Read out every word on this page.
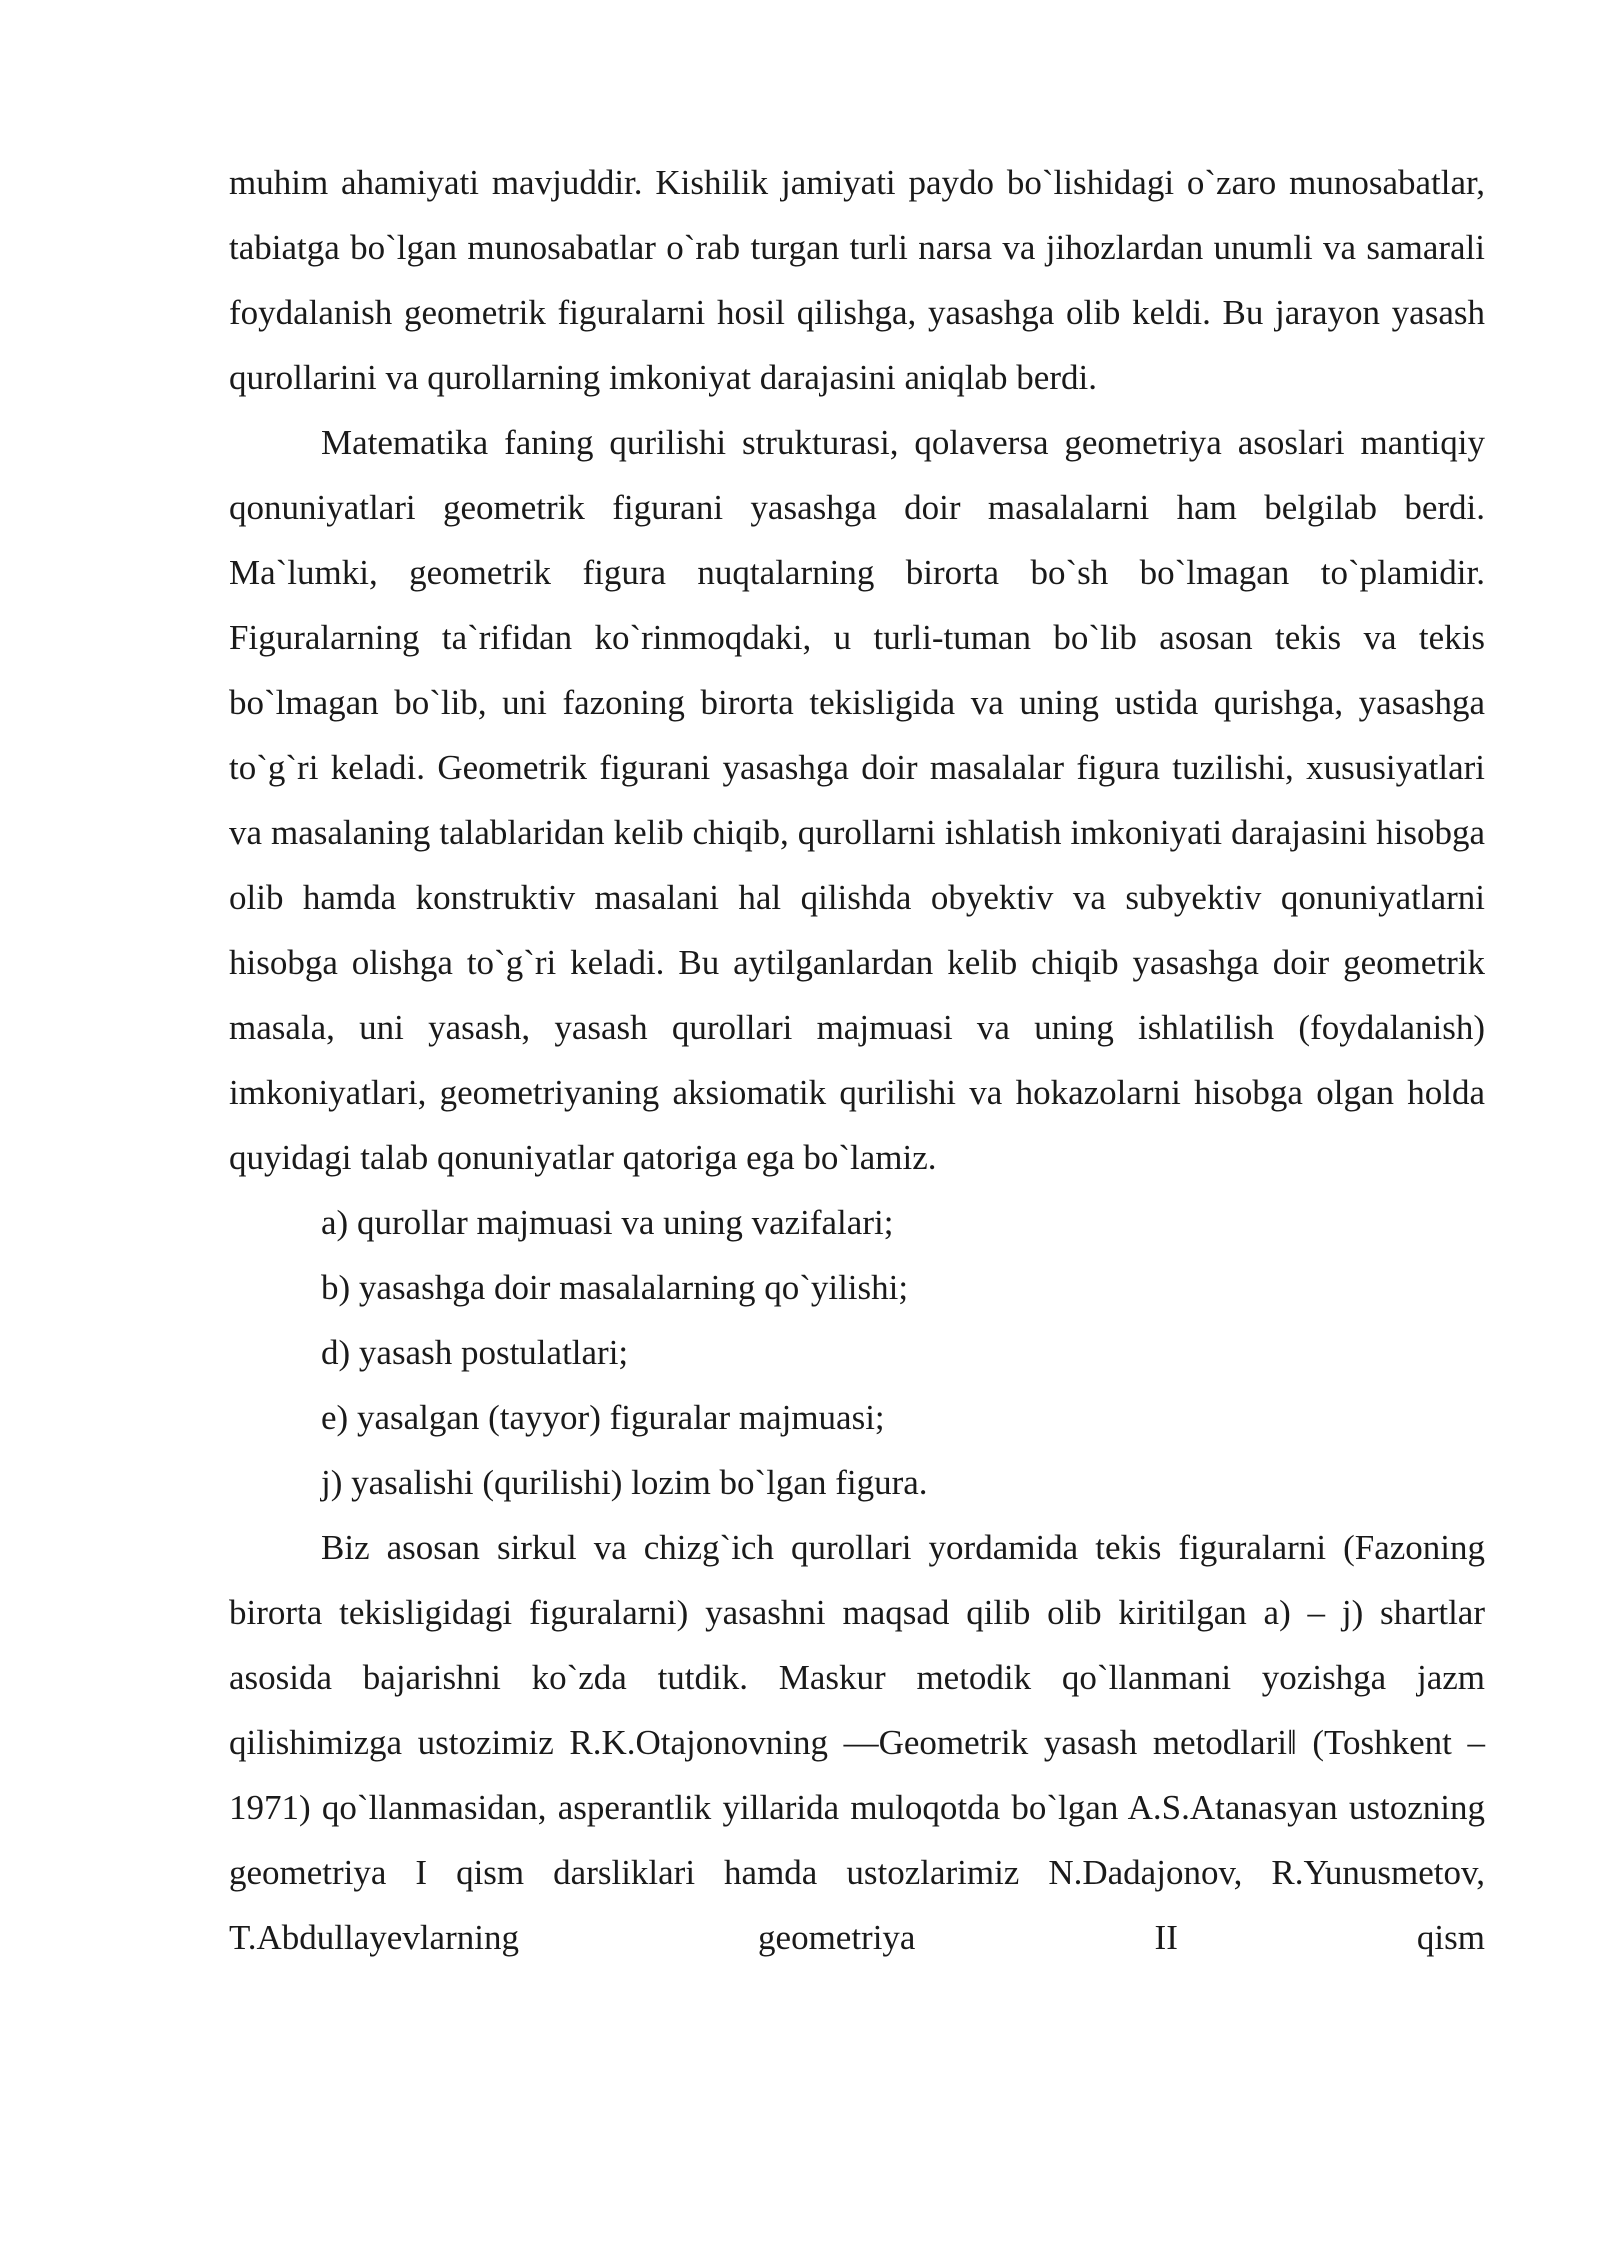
muhim ahamiyati mavjuddir. Kishilik jamiyati paydo bo`lishidagi o`zaro munosabatlar, tabiatga bo`lgan munosabatlar o`rab turgan turli narsa va jihozlardan unumli va samarali foydalanish geometrik figuralarni hosil qilishga, yasashga olib keldi. Bu jarayon yasash qurollarini va qurollarning imkoniyat darajasini aniqlab berdi.

Matematika faning qurilishi strukturasi, qolaversa geometriya asoslari mantiqiy qonuniyatlari geometrik figurani yasashga doir masalalarni ham belgilab berdi. Ma`lumki, geometrik figura nuqtalarning birorta bo`sh bo`lmagan to`plamidir. Figuralarning ta`rifidan ko`rinmoqdaki, u turli-tuman bo`lib asosan tekis va tekis bo`lmagan bo`lib, uni fazoning birorta tekisligida va uning ustida qurishga, yasashga to`g`ri keladi. Geometrik figurani yasashga doir masalalar figura tuzilishi, xususiyatlari va masalaning talablaridan kelib chiqib, qurollarni ishlatish imkoniyati darajasini hisobga olib hamda konstruktiv masalani hal qilishda obyektiv va subyektiv qonuniyatlarni hisobga olishga to`g`ri keladi. Bu aytilganlardan kelib chiqib yasashga doir geometrik masala, uni yasash, yasash qurollari majmuasi va uning ishlatilish (foydalanish) imkoniyatlari, geometriyaning aksiomatik qurilishi va hokazolarni hisobga olgan holda quyidagi talab qonuniyatlar qatoriga ega bo`lamiz.

a) qurollar majmuasi va uning vazifalari;
b) yasashga doir masalalarning qo`yilishi;
d) yasash postulatlari;
e) yasalgan (tayyor) figuralar majmuasi;
j) yasalishi (qurilishi) lozim bo`lgan figura.

Biz asosan sirkul va chizg`ich qurollari yordamida tekis figuralarni (Fazoning birorta tekisligidagi figuralarni) yasashni maqsad qilib olib kiritilgan a) – j) shartlar asosida bajarishni ko`zda tutdik. Maskur metodik qo`llanmani yozishga jazm qilishimizga ustozimiz R.K.Otajonovning ―Geometrik yasash metodlari‖ (Toshkent – 1971) qo`llanmasidan, asperantlik yillarida muloqotda bo`lgan A.S.Atanasyan ustozning geometriya I qism darsliklari hamda ustozlarimiz N.Dadajonov, R.Yunusmetov, T.Abdullayevlarning geometriya II qism
